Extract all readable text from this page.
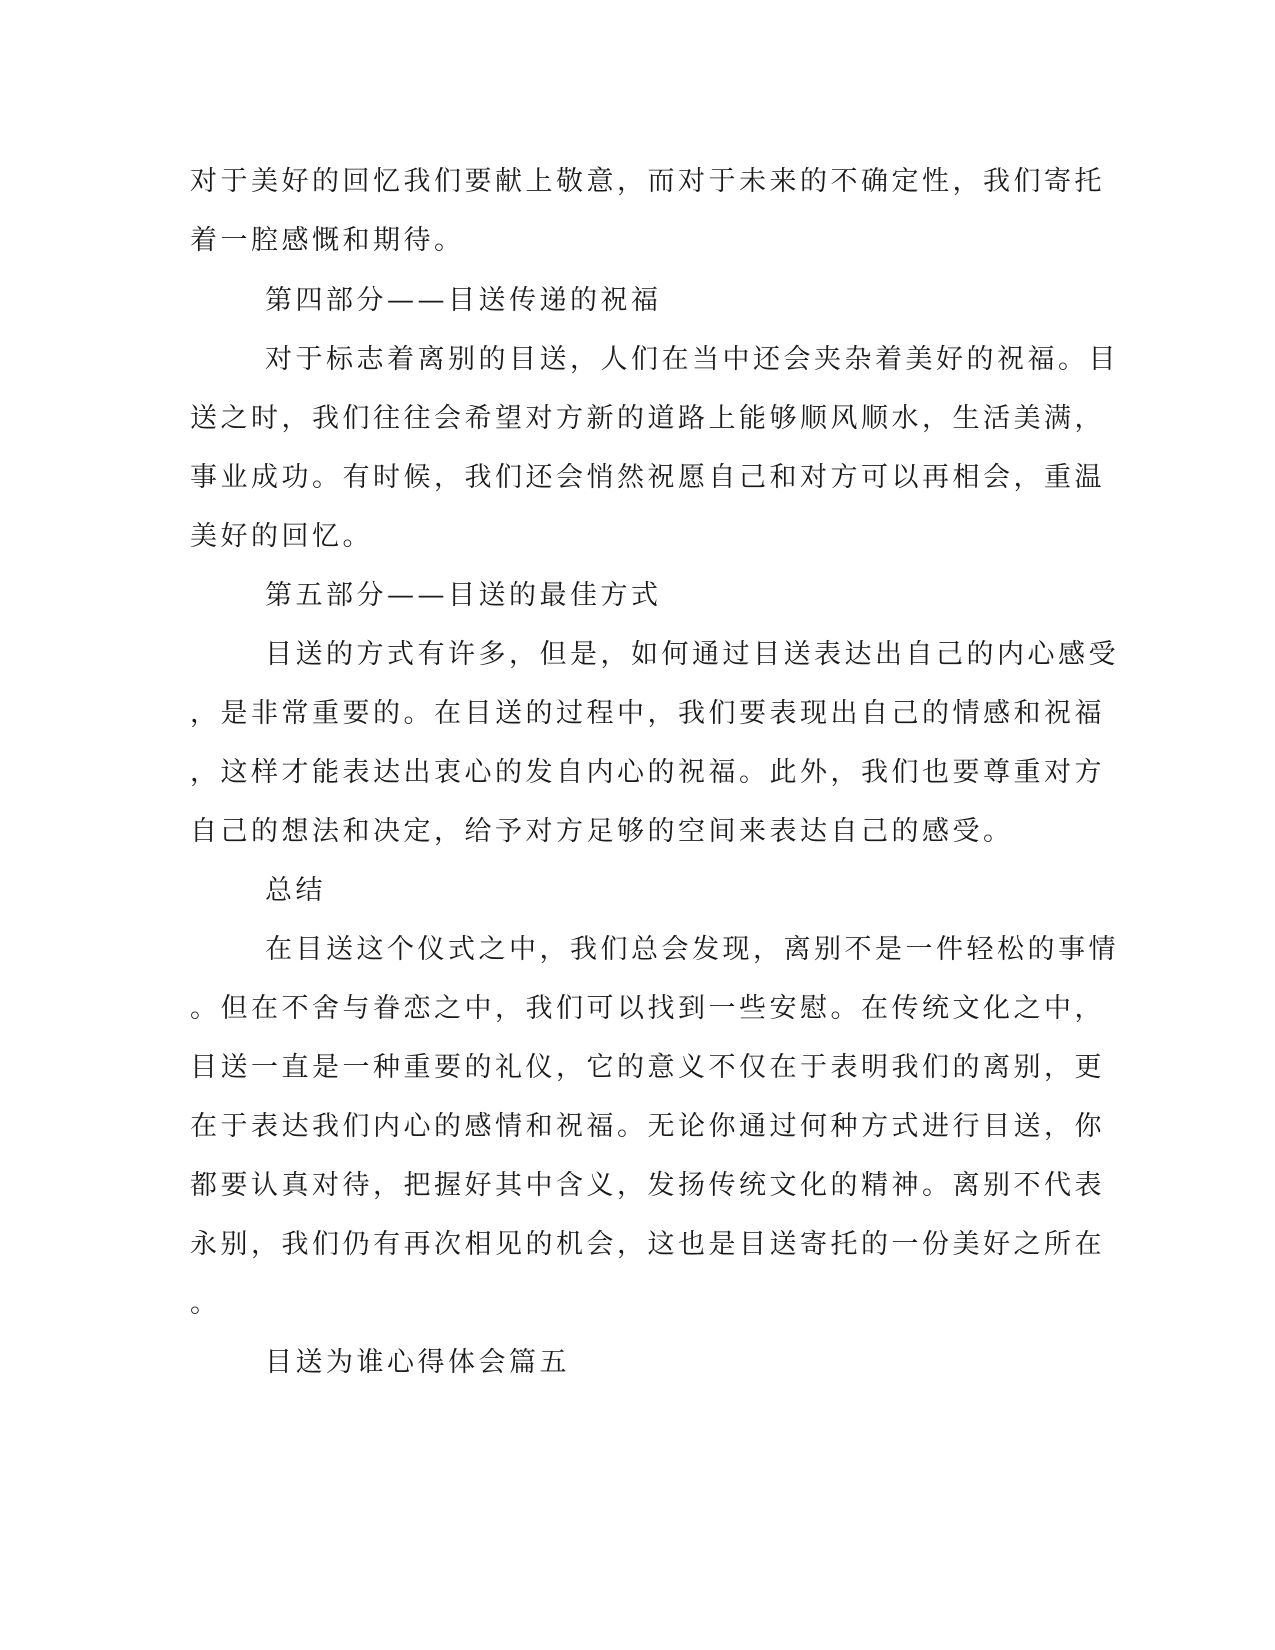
对于美好的回忆我们要献上敬意，而对于未来的不确定性，我们寄托
着一腔感慨和期待。
第四部分——目送传递的祝福
对于标志着离别的目送，人们在当中还会夹杂着美好的祝福。目
送之时，我们往往会希望对方新的道路上能够顺风顺水，生活美满，
事业成功。有时候，我们还会悄然祝愿自己和对方可以再相会，重温
美好的回忆。
第五部分——目送的最佳方式
目送的方式有许多，但是，如何通过目送表达出自己的内心感受
，是非常重要的。在目送的过程中，我们要表现出自己的情感和祝福
，这样才能表达出衷心的发自内心的祝福。此外，我们也要尊重对方
自己的想法和决定，给予对方足够的空间来表达自己的感受。
总结
在目送这个仪式之中，我们总会发现，离别不是一件轻松的事情
。但在不舍与眷恋之中，我们可以找到一些安慰。在传统文化之中，
目送一直是一种重要的礼仪，它的意义不仅在于表明我们的离别，更
在于表达我们内心的感情和祝福。无论你通过何种方式进行目送，你
都要认真对待，把握好其中含义，发扬传统文化的精神。离别不代表
永别，我们仍有再次相见的机会，这也是目送寄托的一份美好之所在
。
目送为谁心得体会篇五
